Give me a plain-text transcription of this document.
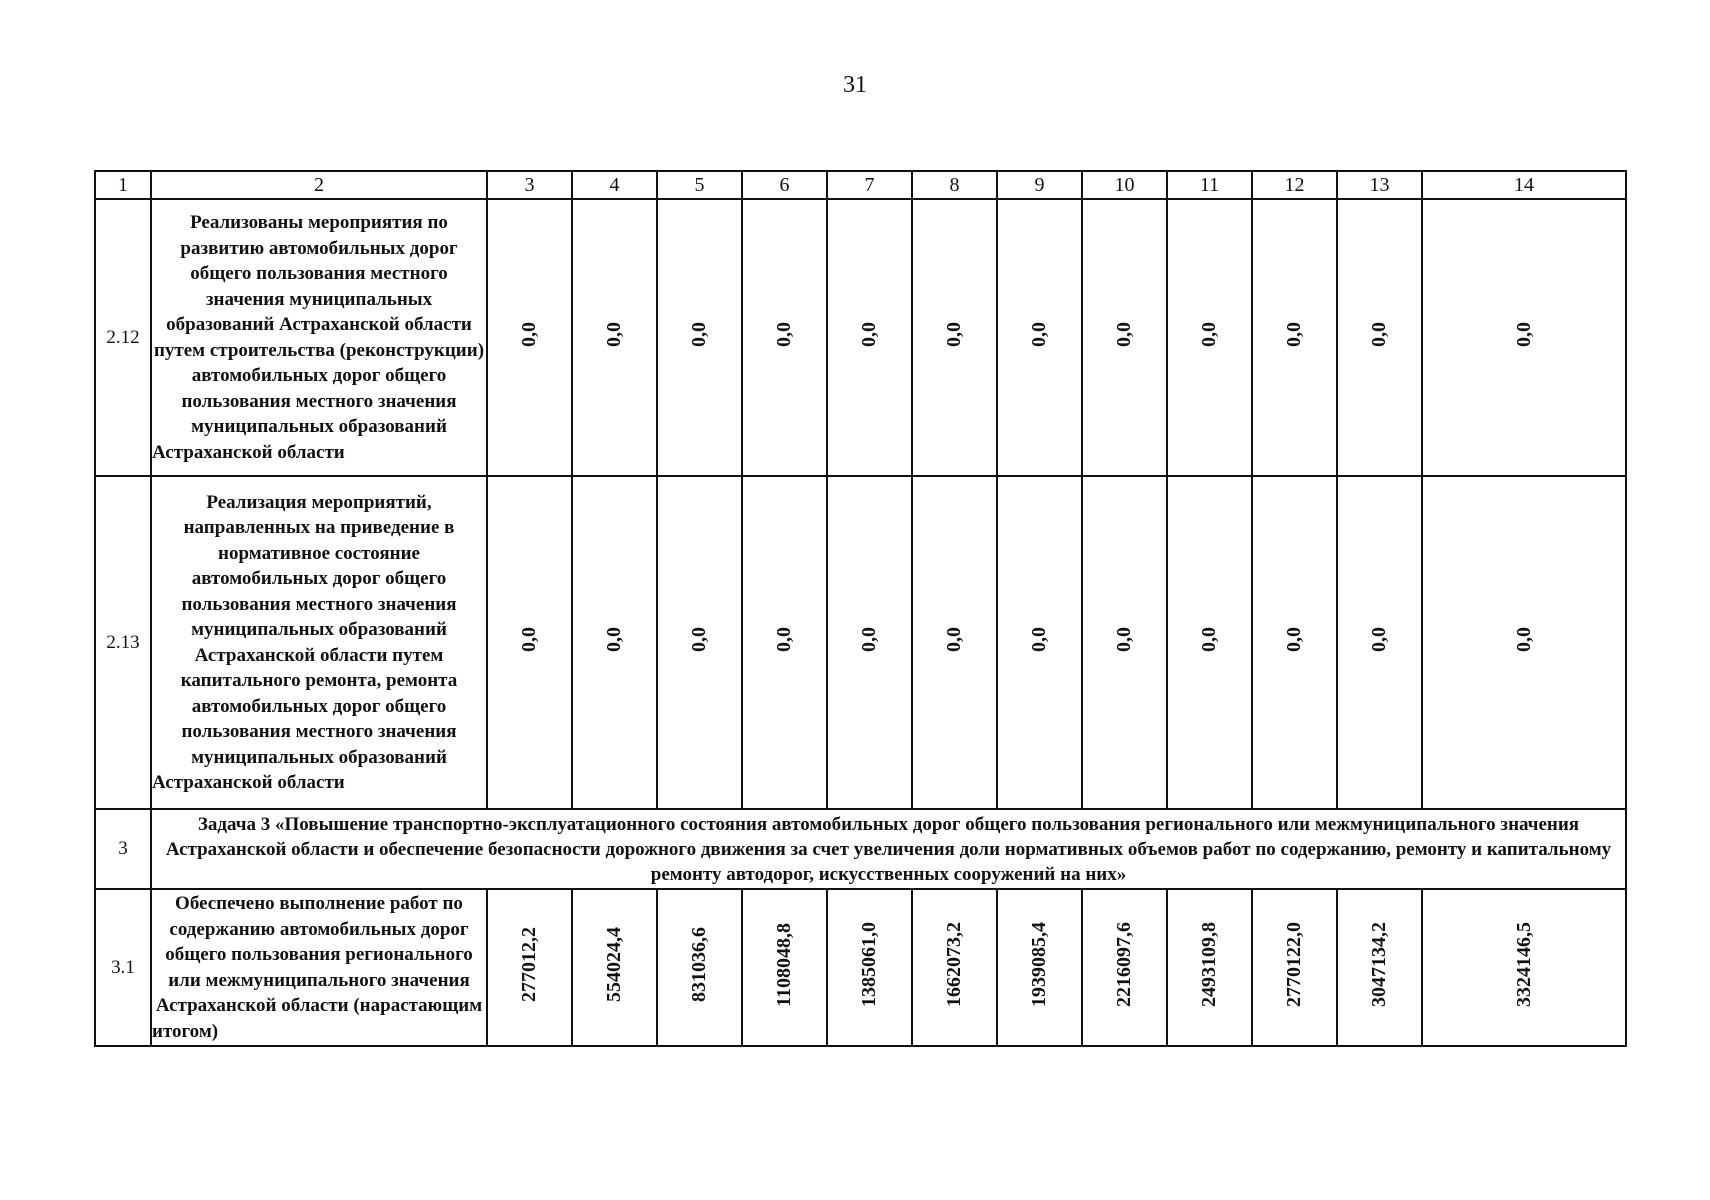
31
1	2	3	4	5	6	7	8	9	10	11	12	13	14
2.12	Реализованы мероприятия по развитию автомобильных дорог общего пользования местного значения муниципальных образований Астраханской области путем строительства (реконструкции) автомобильных дорог общего пользования местного значения муниципальных образований Астраханской области	0,0	0,0	0,0	0,0	0,0	0,0	0,0	0,0	0,0	0,0	0,0	0,0
2.13	Реализация мероприятий, направленных на приведение в нормативное состояние автомобильных дорог общего пользования местного значения муниципальных образований Астраханской области путем капитального ремонта, ремонта автомобильных дорог общего пользования местного значения муниципальных образований Астраханской области	0,0	0,0	0,0	0,0	0,0	0,0	0,0	0,0	0,0	0,0	0,0	0,0
3	Задача 3 «Повышение транспортно-эксплуатационного состояния автомобильных дорог общего пользования регионального или межмуниципального значения Астраханской области и обеспечение безопасности дорожного движения за счет увеличения доли нормативных объемов работ по содержанию, ремонту и капитальному ремонту автодорог, искусственных сооружений на них»												
3.1	Обеспечено выполнение работ по содержанию автомобильных дорог общего пользования регионального или межмуниципального значения Астраханской области (нарастающим итогом)	277012,2	554024,4	831036,6	1108048,8	1385061,0	1662073,2	1939085,4	2216097,6	2493109,8	2770122,0	3047134,2	3324146,5
